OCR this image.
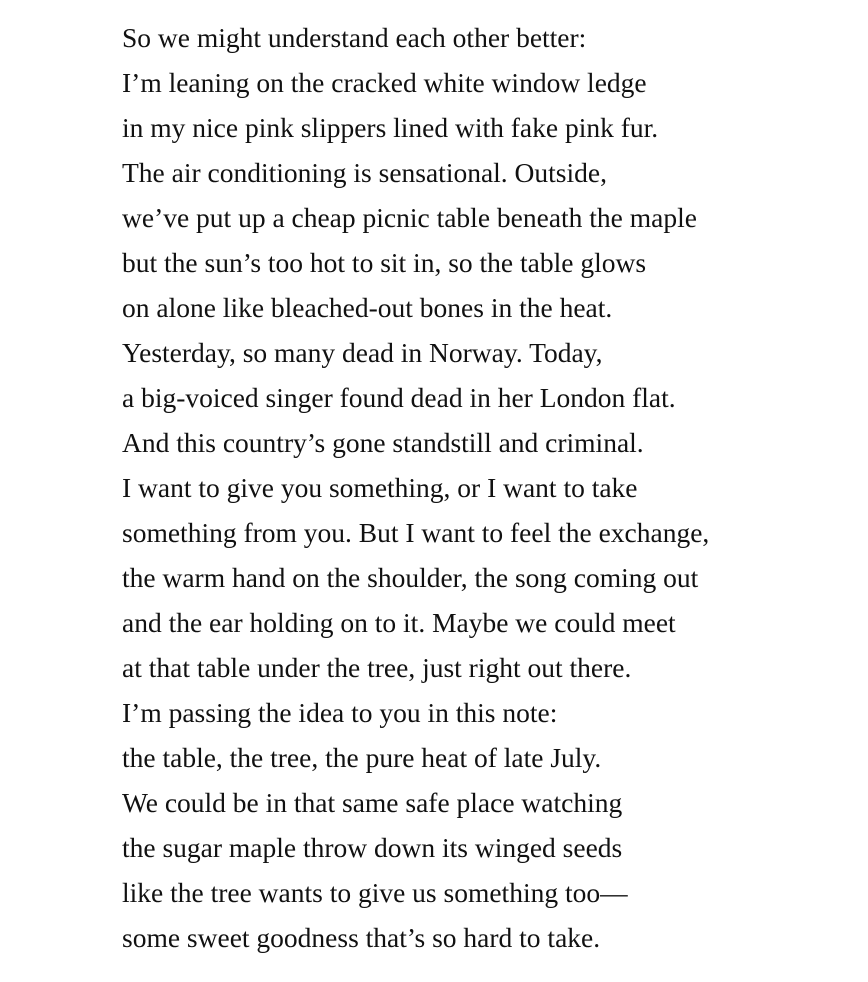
So we might understand each other better:
I’m leaning on the cracked white window ledge
in my nice pink slippers lined with fake pink fur.
The air conditioning is sensational. Outside,
we’ve put up a cheap picnic table beneath the maple
but the sun’s too hot to sit in, so the table glows
on alone like bleached-out bones in the heat.
Yesterday, so many dead in Norway. Today,
a big-voiced singer found dead in her London flat.
And this country’s gone standstill and criminal.
I want to give you something, or I want to take
something from you. But I want to feel the exchange,
the warm hand on the shoulder, the song coming out
and the ear holding on to it. Maybe we could meet
at that table under the tree, just right out there.
I’m passing the idea to you in this note:
the table, the tree, the pure heat of late July.
We could be in that same safe place watching
the sugar maple throw down its winged seeds
like the tree wants to give us something too—
some sweet goodness that’s so hard to take.
